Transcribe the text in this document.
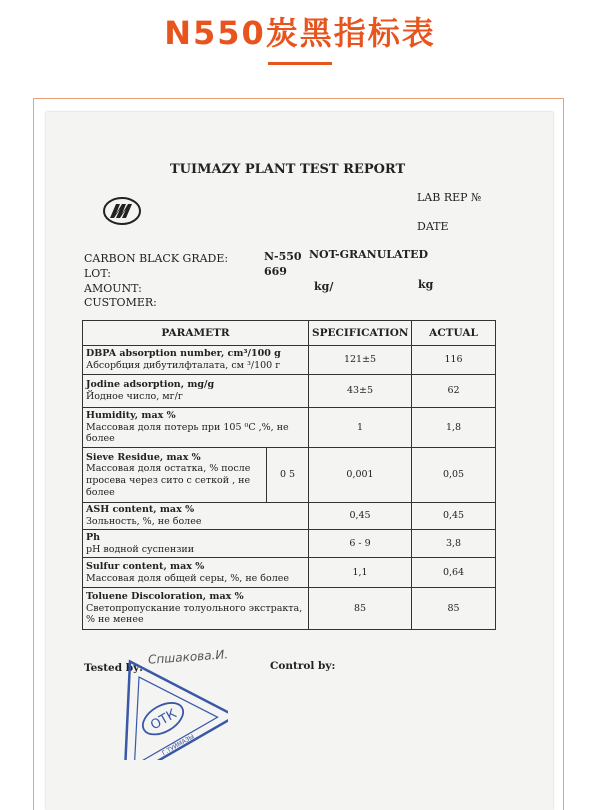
N550炭黑指标表
TUIMAZY PLANT TEST REPORT
LAB REP №
DATE
CARBON BLACK GRADE:	N-550 NOT-GRANULATED
LOT:	669
AMOUNT:	kg/	kg
CUSTOMER:
PARAMETR		SPECIFICATION	ACTUAL

DBPA absorption number, cm³/100 g
Абсорбция дибутилфталата, см ³/100 г		121±5	116

Jodine adsorption, mg/g
Йодное число, мг/г		43±5	62

Humidity, max %
Массовая доля потерь при 105 ⁰С ,%, не более		1	1,8

Sieve Residue, max %
Массовая доля остатка, % после просева через сито с сеткой , не более	0 5	0,001	0,05

ASH content, max %
Зольность, %, не более		0,45	0,45

Ph
pH водной суспензии		6 - 9	3,8

Sulfur content, max %
Массовая доля общей серы, %, не более		1,1	0,64

Toluene Discoloration, max %
Светопропускание толуольного экстракта, % не менее		85	85
Tested by:
Спшакова.И.	Control by:
ОТК
Г.ТУЙМАЗЫ
